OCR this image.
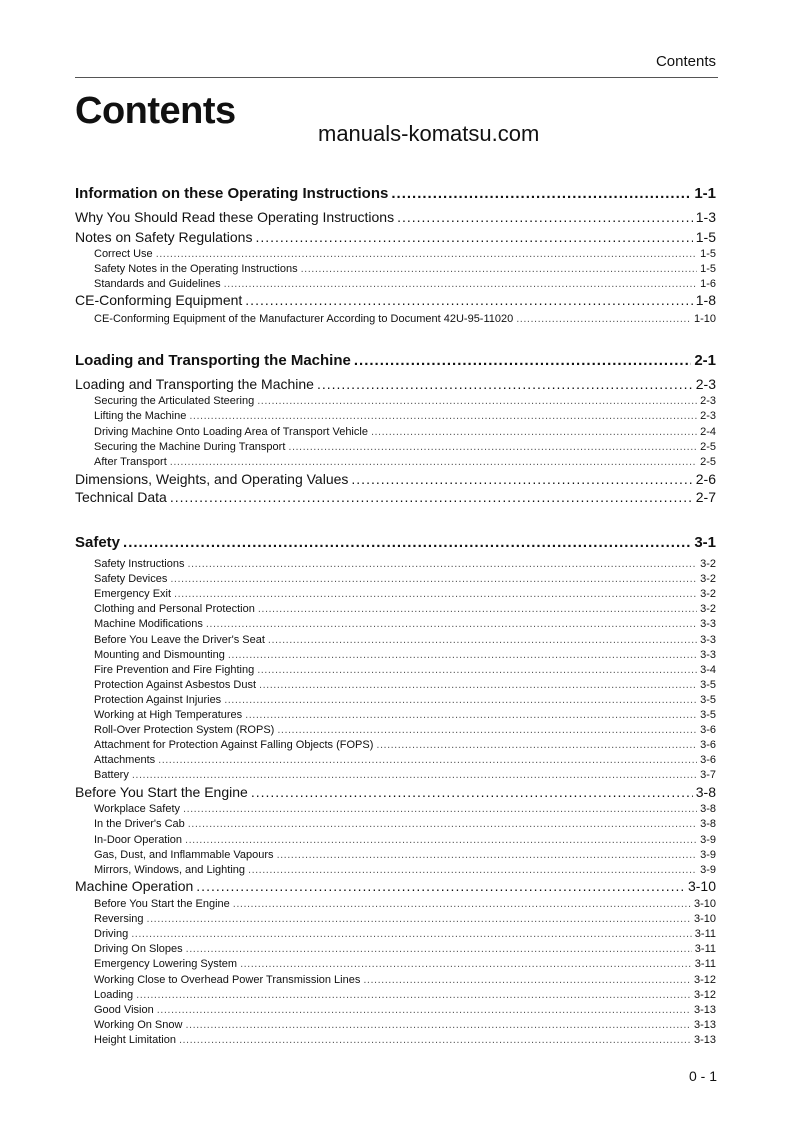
Contents
Contents
manuals-komatsu.com
Information on these Operating Instructions .....	1-1
Why You Should Read these Operating Instructions .....	1-3
Notes on Safety Regulations .....	1-5
Correct Use .....	1-5
Safety Notes in the Operating Instructions .....	1-5
Standards and Guidelines .....	1-6
CE-Conforming Equipment .....	1-8
CE-Conforming Equipment of the Manufacturer According to Document 42U-95-11020 .....	1-10
Loading and Transporting the Machine .....	2-1
Loading and Transporting the Machine .....	2-3
Securing the Articulated Steering .....	2-3
Lifting the Machine .....	2-3
Driving Machine Onto Loading Area of Transport Vehicle .....	2-4
Securing the Machine During Transport .....	2-5
After Transport .....	2-5
Dimensions, Weights, and Operating Values .....	2-6
Technical Data .....	2-7
Safety .....	3-1
Safety Instructions .....	3-2
Safety Devices .....	3-2
Emergency Exit .....	3-2
Clothing and Personal Protection .....	3-2
Machine Modifications .....	3-3
Before You Leave the Driver's Seat .....	3-3
Mounting and Dismounting .....	3-3
Fire Prevention and Fire Fighting .....	3-4
Protection Against Asbestos Dust .....	3-5
Protection Against Injuries .....	3-5
Working at High Temperatures .....	3-5
Roll-Over Protection System (ROPS) .....	3-6
Attachment for Protection Against Falling Objects (FOPS) .....	3-6
Attachments .....	3-6
Battery .....	3-7
Before You Start the Engine .....	3-8
Workplace Safety .....	3-8
In the Driver's Cab .....	3-8
In-Door Operation .....	3-9
Gas, Dust, and Inflammable Vapours .....	3-9
Mirrors, Windows, and Lighting .....	3-9
Machine Operation .....	3-10
Before You Start the Engine .....	3-10
Reversing .....	3-10
Driving .....	3-11
Driving On Slopes .....	3-11
Emergency Lowering System .....	3-11
Working Close to Overhead Power Transmission Lines .....	3-12
Loading .....	3-12
Good Vision .....	3-13
Working On Snow .....	3-13
Height Limitation .....	3-13
0 - 1
